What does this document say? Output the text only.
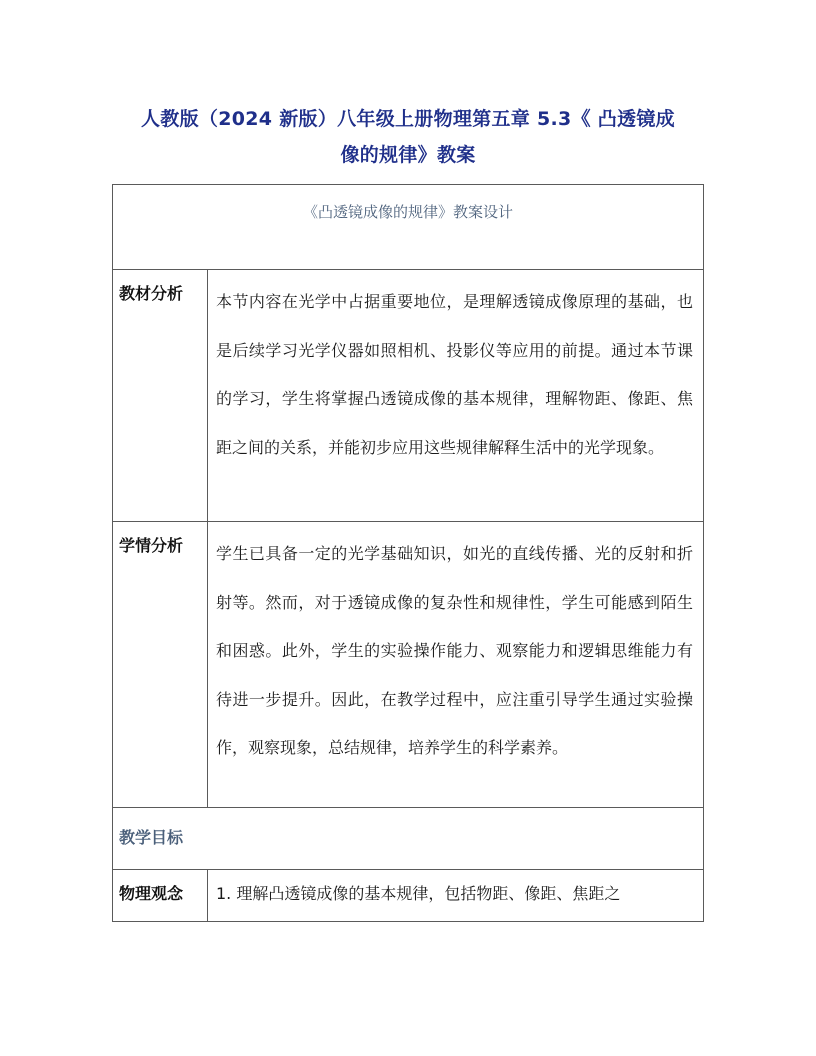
人教版（2024 新版）八年级上册物理第五章 5.3《 凸透镜成
像的规律》教案
《凸透镜成像的规律》教案设计	

教材分析	本节内容在光学中占据重要地位，是理解透镜成像原理的基础，也是后续学习光学仪器如照相机、投影仪等应用的前提。通过本节课的学习，学生将掌握凸透镜成像的基本规律，理解物距、像距、焦距之间的关系，并能初步应用这些规律解释生活中的光学现象。

学情分析	学生已具备一定的光学基础知识，如光的直线传播、光的反射和折射等。然而，对于透镜成像的复杂性和规律性，学生可能感到陌生和困惑。此外，学生的实验操作能力、观察能力和逻辑思维能力有待进一步提升。因此，在教学过程中，应注重引导学生通过实验操作，观察现象，总结规律，培养学生的科学素养。

教学目标	

物理观念	1. 理解凸透镜成像的基本规律，包括物距、像距、焦距之
